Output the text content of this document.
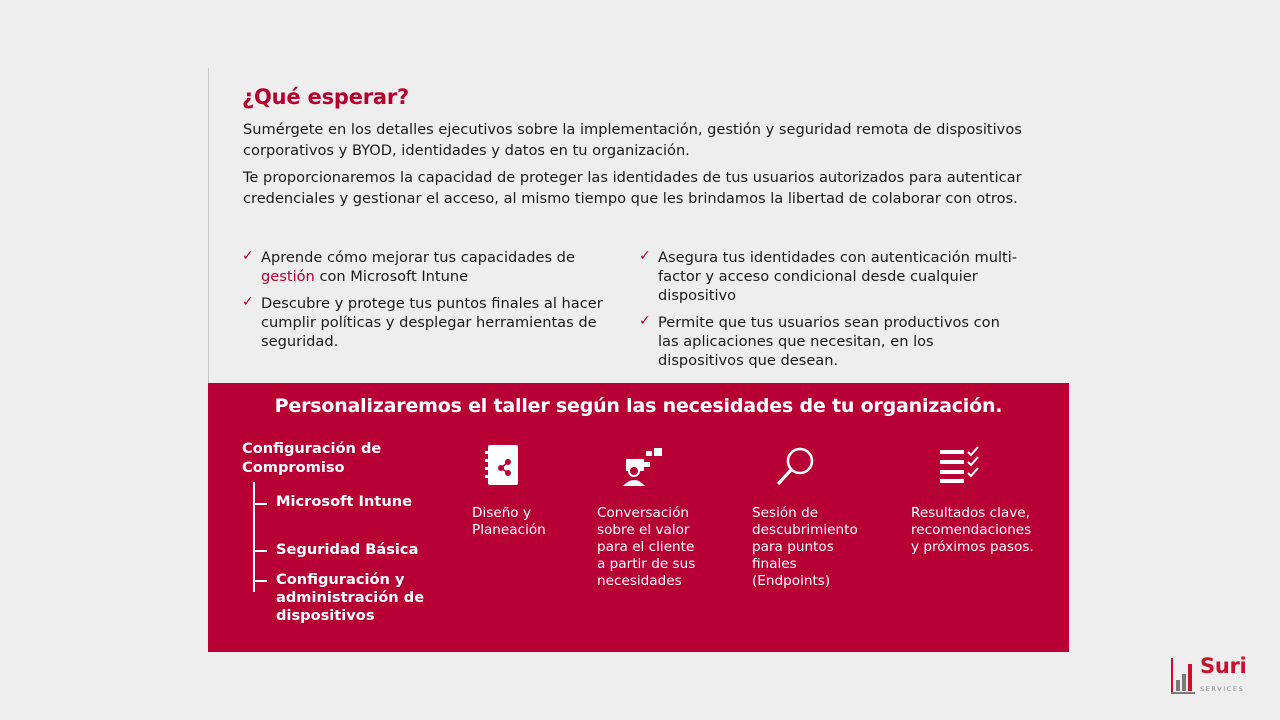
¿Qué esperar?
Sumérgete en los detalles ejecutivos sobre la implementación, gestión y seguridad remota de dispositivos corporativos y BYOD, identidades y datos en tu organización.
Te proporcionaremos la capacidad de proteger las identidades de tus usuarios autorizados para autenticar credenciales y gestionar el acceso, al mismo tiempo que les brindamos la libertad de colaborar con otros.
✓ Aprende cómo mejorar tus capacidades de gestión con Microsoft Intune
✓ Descubre y protege tus puntos finales al hacer cumplir políticas y desplegar herramientas de seguridad.
✓ Asegura tus identidades con autenticación multi-factor y acceso condicional desde cualquier dispositivo
✓ Permite que tus usuarios sean productivos con las aplicaciones que necesitan, en los dispositivos que desean.
Personalizaremos el taller según las necesidades de tu organización.
Configuración de Compromiso
Microsoft Intune
Seguridad Básica
Configuración y administración de dispositivos
Diseño y
Planeación
Conversación
sobre el valor
para el cliente
a partir de sus
necesidades
Sesión de
descubrimiento
para puntos
finales
(Endpoints)
Resultados clave,
recomendaciones
y próximos pasos.
Suri
SERVICES
